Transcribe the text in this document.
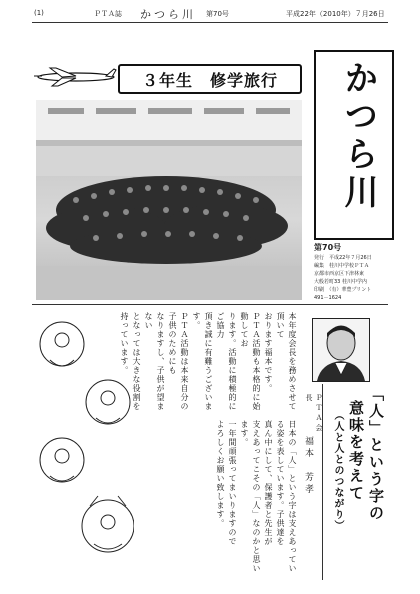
(1)	ＰＴＡ誌 かつら川 第70号	平成22年（2010年）７月26日
３年生　修学旅行 かつら川
第70号
発行　平成22年７月26日
編集　桂川中学校ＰＴＡ
京都市西京区下津林東
大般若町33 桂川中学内
印刷　（有）華豊プリント
491－1624
本年度会長を務めさせて頂いて
おります福本です。
ＰＴＡ活動も本格的に始動してお
ります。活動に積極的にご協力
頂き誠に有難うございます。
ＰＴＡ活動は本来自分の子供のためにも
なりますし、子供が望まない
となっては大きな役割を持っています。
日本の「人」という字は支えあってい
る姿を表しています。子供達を
真ん中にして、保護者と先生が
支えあってこその「人」なのかと思います。
一年間頑張ってまいりますので
よろしくお願い致します。	「人」という字の
意味を考えて
（人と人とのつながり）
ＰＴＡ会長
福本　芳孝
